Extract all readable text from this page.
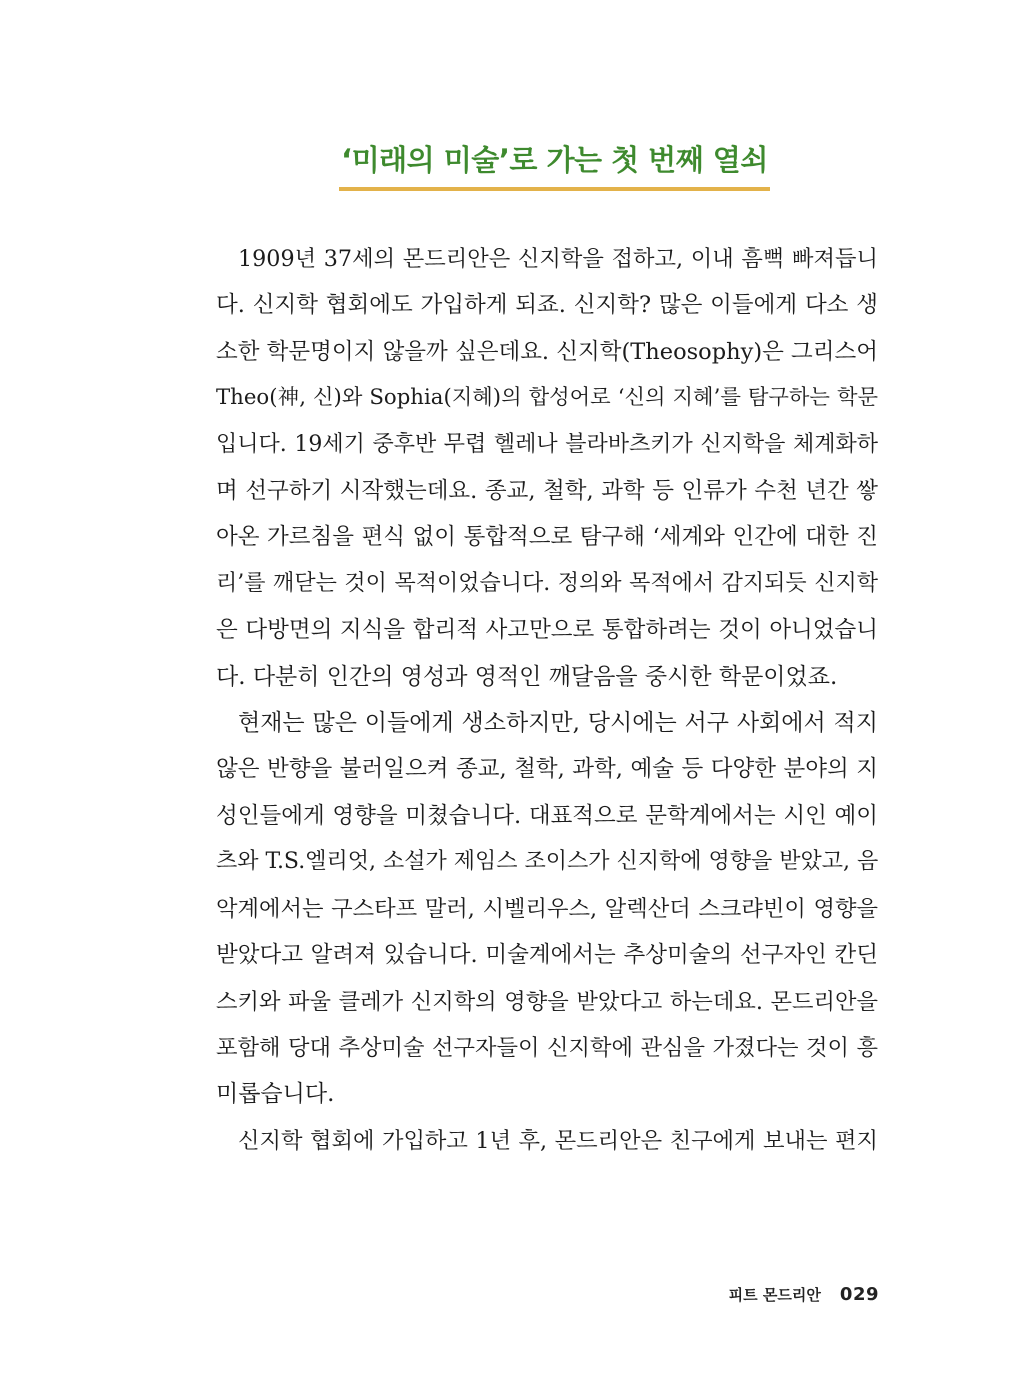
‘미래의 미술’로 가는 첫 번째 열쇠

1909년 37세의 몬드리안은 신지학을 접하고, 이내 흠뻑 빠져듭니
다. 신지학 협회에도 가입하게 되죠. 신지학? 많은 이들에게 다소 생
소한 학문명이지 않을까 싶은데요. 신지학(Theosophy)은 그리스어
Theo(神, 신)와 Sophia(지혜)의 합성어로 ‘신의 지혜’를 탐구하는 학문
입니다. 19세기 중후반 무렵 헬레나 블라바츠키가 신지학을 체계화하
며 선구하기 시작했는데요. 종교, 철학, 과학 등 인류가 수천 년간 쌓
아온 가르침을 편식 없이 통합적으로 탐구해 ‘세계와 인간에 대한 진
리’를 깨닫는 것이 목적이었습니다. 정의와 목적에서 감지되듯 신지학
은 다방면의 지식을 합리적 사고만으로 통합하려는 것이 아니었습니
다. 다분히 인간의 영성과 영적인 깨달음을 중시한 학문이었죠.

현재는 많은 이들에게 생소하지만, 당시에는 서구 사회에서 적지
않은 반향을 불러일으켜 종교, 철학, 과학, 예술 등 다양한 분야의 지
성인들에게 영향을 미쳤습니다. 대표적으로 문학계에서는 시인 예이
츠와 T.S.엘리엇, 소설가 제임스 조이스가 신지학에 영향을 받았고, 음
악계에서는 구스타프 말러, 시벨리우스, 알렉산더 스크랴빈이 영향을
받았다고 알려져 있습니다. 미술계에서는 추상미술의 선구자인 칸딘
스키와 파울 클레가 신지학의 영향을 받았다고 하는데요. 몬드리안을
포함해 당대 추상미술 선구자들이 신지학에 관심을 가졌다는 것이 흥
미롭습니다.

신지학 협회에 가입하고 1년 후, 몬드리안은 친구에게 보내는 편지

피트 몬드리안 029
